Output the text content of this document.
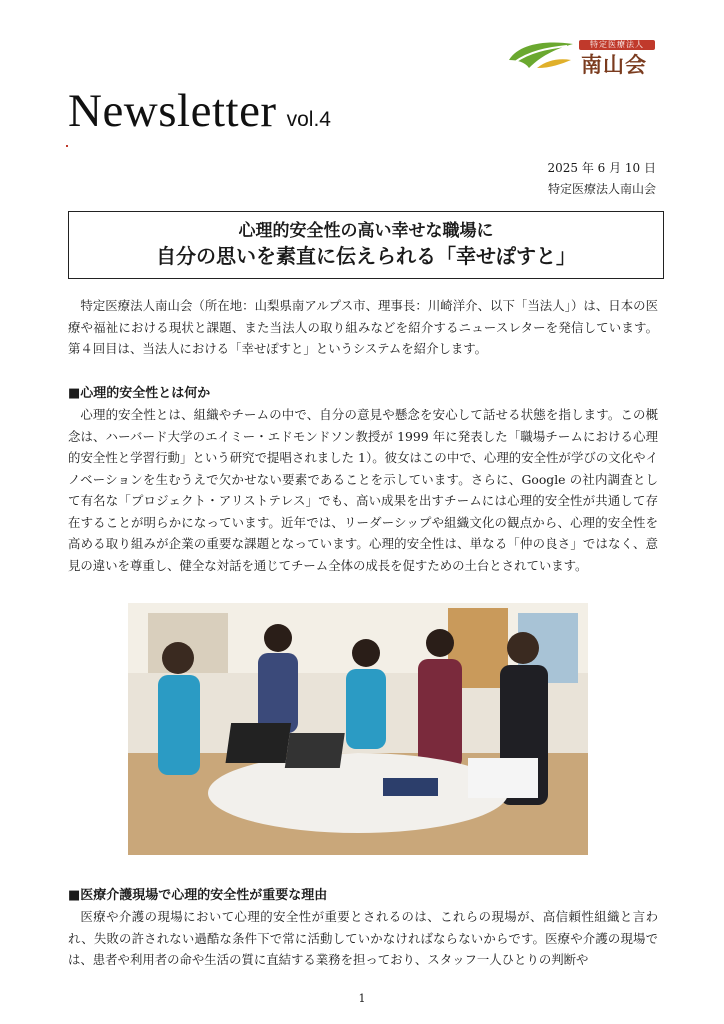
特定医療法人
南山会
Newsletter vol.4
2025 年 6 月 10 日
特定医療法人南山会
心理的安全性の高い幸せな職場に
自分の思いを素直に伝えられる「幸せぽすと」

特定医療法人南山会（所在地：山梨県南アルプス市、理事長：川崎洋介、以下「当法人」）は、日本の医療や福祉における現状と課題、また当法人の取り組みなどを紹介するニュースレターを発信しています。第４回目は、当法人における「幸せぽすと」というシステムを紹介します。

■心理的安全性とは何か

心理的安全性とは、組織やチームの中で、自分の意見や懸念を安心して話せる状態を指します。この概念は、ハーバード大学のエイミー・エドモンドソン教授が 1999 年に発表した「職場チームにおける心理的安全性と学習行動」という研究で提唱されました 1）。彼女はこの中で、心理的安全性が学びの文化やイノベーションを生むうえで欠かせない要素であることを示しています。さらに、Google の社内調査として有名な「プロジェクト・アリストテレス」でも、高い成果を出すチームには心理的安全性が共通して存在することが明らかになっています。近年では、リーダーシップや組織文化の観点から、心理的安全性を高める取り組みが企業の重要な課題となっています。心理的安全性は、単なる「仲の良さ」ではなく、意見の違いを尊重し、健全な対話を通じてチーム全体の成長を促すための土台とされています。

■医療介護現場で心理的安全性が重要な理由

医療や介護の現場において心理的安全性が重要とされるのは、これらの現場が、高信頼性組織と言われ、失敗の許されない過酷な条件下で常に活動していかなければならないからです。医療や介護の現場では、患者や利用者の命や生活の質に直結する業務を担っており、スタッフ一人ひとりの判断や

1
